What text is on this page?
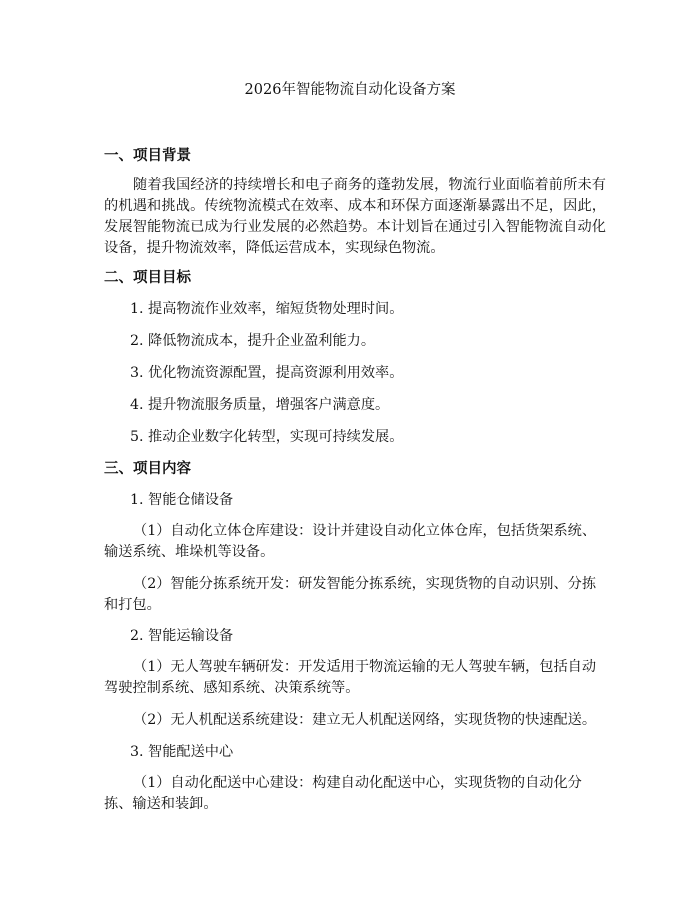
2026年智能物流自动化设备方案
一、项目背景

随着我国经济的持续增长和电子商务的蓬勃发展，物流行业面临着前所未有的机遇和挑战。传统物流模式在效率、成本和环保方面逐渐暴露出不足，因此，发展智能物流已成为行业发展的必然趋势。本计划旨在通过引入智能物流自动化设备，提升物流效率，降低运营成本，实现绿色物流。

二、项目目标
1. 提高物流作业效率，缩短货物处理时间。
2. 降低物流成本，提升企业盈利能力。
3. 优化物流资源配置，提高资源利用效率。
4. 提升物流服务质量，增强客户满意度。
5. 推动企业数字化转型，实现可持续发展。
三、项目内容
1. 智能仓储设备

（1）自动化立体仓库建设：设计并建设自动化立体仓库，包括货架系统、输送系统、堆垛机等设备。

（2）智能分拣系统开发：研发智能分拣系统，实现货物的自动识别、分拣和打包。

2. 智能运输设备

（1）无人驾驶车辆研发：开发适用于物流运输的无人驾驶车辆，包括自动驾驶控制系统、感知系统、决策系统等。

（2）无人机配送系统建设：建立无人机配送网络，实现货物的快速配送。

3. 智能配送中心

（1）自动化配送中心建设：构建自动化配送中心，实现货物的自动化分拣、输送和装卸。
